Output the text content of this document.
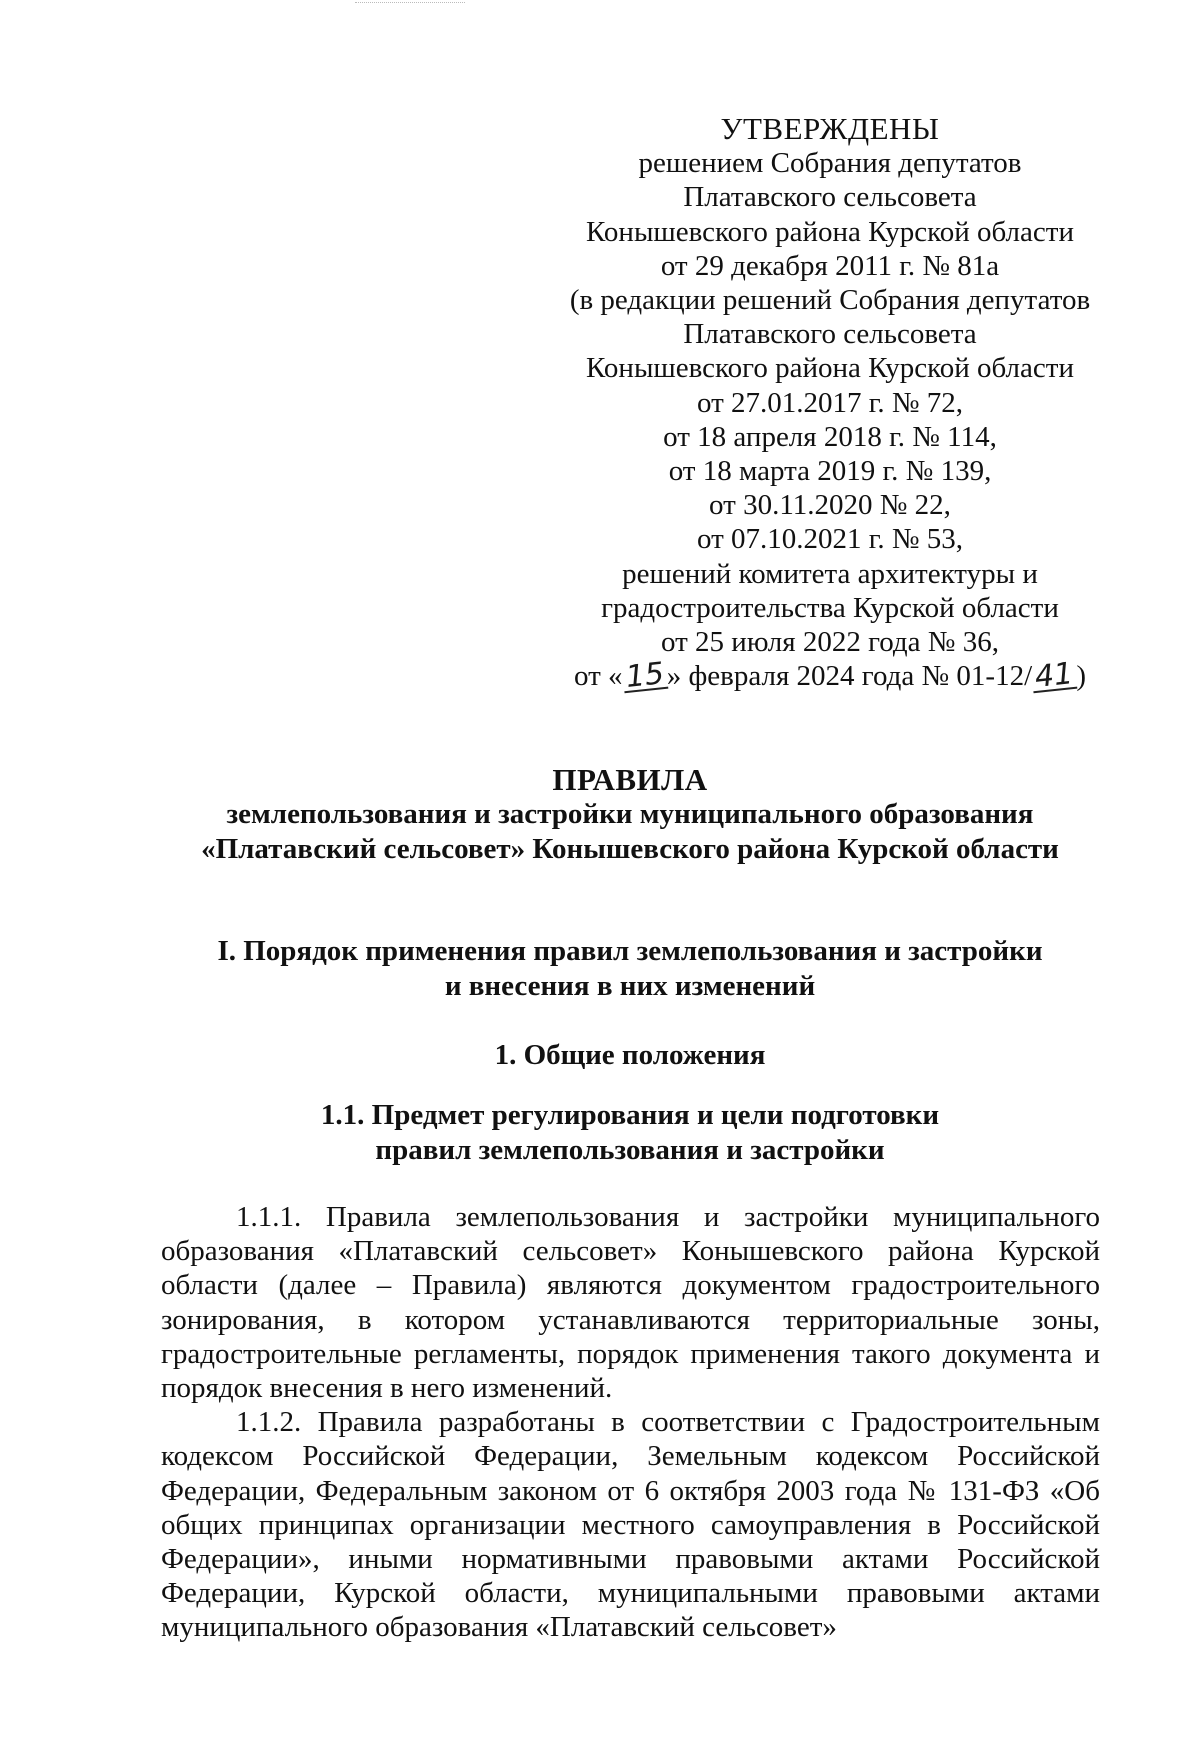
УТВЕРЖДЕНЫ
решением Собрания депутатов
Платавского сельсовета
Конышевского района Курской области
от 29 декабря 2011 г. № 81а
(в редакции решений Собрания депутатов
Платавского сельсовета
Конышевского района Курской области
от 27.01.2017 г. № 72,
от 18 апреля 2018 г. № 114,
от 18 марта 2019 г. № 139,
от 30.11.2020 № 22,
от 07.10.2021 г. № 53,
решений комитета архитектуры и
градостроительства Курской области
от 25 июля 2022 года № 36,
от «15» февраля 2024 года № 01-12/41)
ПРАВИЛА
землепользования и застройки муниципального образования
«Платавский сельсовет» Конышевского района Курской области
I. Порядок применения правил землепользования и застройки
и внесения в них изменений
1. Общие положения
1.1. Предмет регулирования и цели подготовки
правил землепользования и застройки

1.1.1. Правила землепользования и застройки муниципального образования «Платавский сельсовет» Конышевского района Курской области (далее – Правила) являются документом градостроительного зонирования, в котором устанавливаются территориальные зоны, градостроительные регламенты, порядок применения такого документа и порядок внесения в него изменений.

1.1.2. Правила разработаны в соответствии с Градостроительным кодексом Российской Федерации, Земельным кодексом Российской Федерации, Федеральным законом от 6 октября 2003 года № 131-ФЗ «Об общих принципах организации местного самоуправления в Российской Федерации», иными нормативными правовыми актами Российской Федерации, Курской области, муниципальными правовыми актами муниципального образования «Платавский сельсовет»
